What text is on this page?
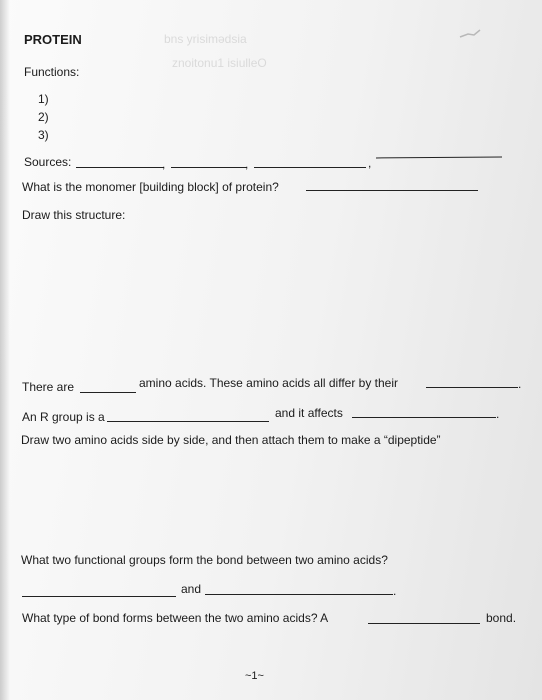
bns yrisimədsia
znoitonu1 isiulleO
PROTEIN
Functions:
1)
2)
3)
Sources:	,	,	,
What is the monomer [building block] of protein?
Draw this structure:
There are	amino acids. These amino acids all differ by their	.
An R group is a	and it affects	.
Draw two amino acids side by side, and then attach them to make a “dipeptide”
What two functional groups form the bond between two amino acids?
and	.
What type of bond forms between the two amino acids? A	bond.
~1~
